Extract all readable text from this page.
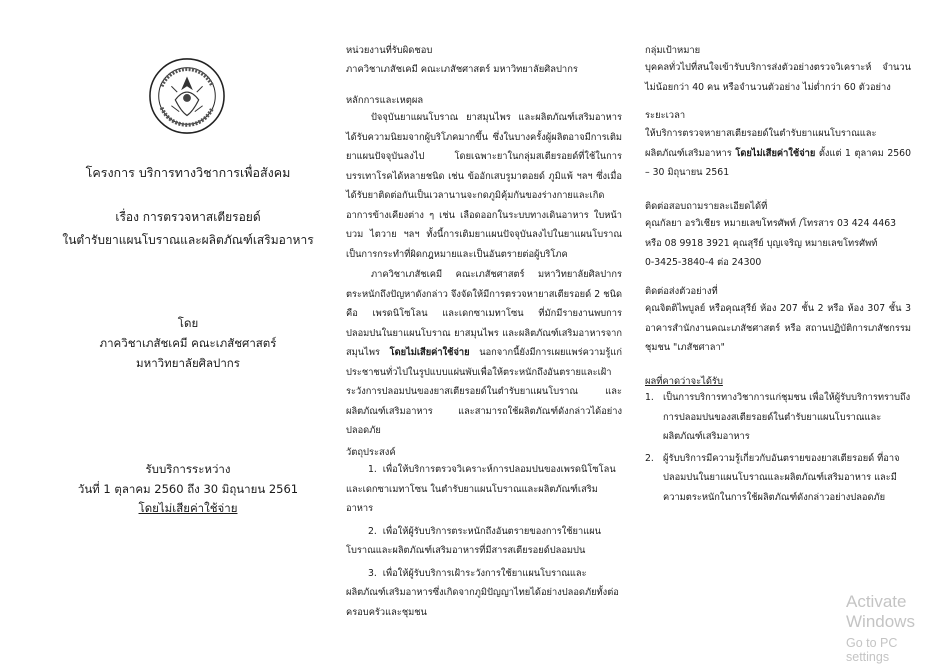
โครงการ บริการทางวิชาการเพื่อสังคม
เรื่อง การตรวจหาสเตียรอยด์
ในตำรับยาแผนโบราณและผลิตภัณฑ์เสริมอาหาร
โดย
ภาควิชาเภสัชเคมี คณะเภสัชศาสตร์
มหาวิทยาลัยศิลปากร
รับบริการระหว่าง
วันที่ 1 ตุลาคม 2560 ถึง 30 มิถุนายน 2561
โดยไม่เสียค่าใช้จ่าย
หน่วยงานที่รับผิดชอบ
ภาควิชาเภสัชเคมี คณะเภสัชศาสตร์ มหาวิทยาลัยศิลปากร
หลักการและเหตุผล

ปัจจุบันยาแผนโบราณ ยาสมุนไพร และผลิตภัณฑ์เสริมอาหารได้รับความนิยมจากผู้บริโภคมากขึ้น ซึ่งในบางครั้งผู้ผลิตอาจมีการเติมยาแผนปัจจุบันลงไป โดยเฉพาะยาในกลุ่มสเตียรอยด์ที่ใช้ในการบรรเทาโรคได้หลายชนิด เช่น ข้ออักเสบรูมาตอยด์ ภูมิแพ้ ฯลฯ ซึ่งเมื่อได้รับยาติดต่อกันเป็นเวลานานจะกดภูมิคุ้มกันของร่างกายและเกิดอาการข้างเคียงต่าง ๆ เช่น เลือดออกในระบบทางเดินอาหาร ใบหน้าบวม ไตวาย ฯลฯ ทั้งนี้การเติมยาแผนปัจจุบันลงไปในยาแผนโบราณเป็นการกระทำที่ผิดกฎหมายและเป็นอันตรายต่อผู้บริโภค

ภาควิชาเภสัชเคมี คณะเภสัชศาสตร์ มหาวิทยาลัยศิลปากรตระหนักถึงปัญหาดังกล่าว จึงจัดให้มีการตรวจหายาสเตียรอยด์ 2 ชนิด คือ เพรดนิโซโลน และเดกซาเมทาโซน ที่มักมีรายงานพบการปลอมปนในยาแผนโบราณ ยาสมุนไพร และผลิตภัณฑ์เสริมอาหารจากสมุนไพร โดยไม่เสียค่าใช้จ่าย นอกจากนี้ยังมีการเผยแพร่ความรู้แก่ประชาชนทั่วไปในรูปแบบแผ่นพับเพื่อให้ตระหนักถึงอันตรายและเฝ้าระวังการปลอมปนของยาสเตียรอยด์ในตำรับยาแผนโบราณ และผลิตภัณฑ์เสริมอาหาร และสามารถใช้ผลิตภัณฑ์ดังกล่าวได้อย่างปลอดภัย

วัตถุประสงค์
1. เพื่อให้บริการตรวจวิเคราะห์การปลอมปนของเพรดนิโซโลนและเดกซาเมทาโซน ในตำรับยาแผนโบราณและผลิตภัณฑ์เสริมอาหาร
2. เพื่อให้ผู้รับบริการตระหนักถึงอันตรายของการใช้ยาแผนโบราณและผลิตภัณฑ์เสริมอาหารที่มีสารสเตียรอยด์ปลอมปน
3. เพื่อให้ผู้รับบริการเฝ้าระวังการใช้ยาแผนโบราณและผลิตภัณฑ์เสริมอาหารซึ่งเกิดจากภูมิปัญญาไทยได้อย่างปลอดภัยทั้งต่อครอบครัวและชุมชน
กลุ่มเป้าหมาย

บุคคลทั่วไปที่สนใจเข้ารับบริการส่งตัวอย่างตรวจวิเคราะห์ จำนวนไม่น้อยกว่า 40 คน หรือจำนวนตัวอย่าง ไม่ต่ำกว่า 60 ตัวอย่าง

ระยะเวลา

ให้บริการตรวจหายาสเตียรอยด์ในตำรับยาแผนโบราณและผลิตภัณฑ์เสริมอาหาร โดยไม่เสียค่าใช้จ่าย ตั้งแต่ 1 ตุลาคม 2560 – 30 มิถุนายน 2561

ติดต่อสอบถามรายละเอียดได้ที่
คุณกัลยา อรวิเชียร หมายเลขโทรศัพท์ /โทรสาร 03 424 4463
หรือ 08 9918 3921 คุณสุรีย์ บุญเจริญ หมายเลขโทรศัพท์
0-3425-3840-4 ต่อ 24300
ติดต่อส่งตัวอย่างที่

คุณจิตติไพบูลย์ หรือคุณสุรีย์ ห้อง 207 ชั้น 2 หรือ ห้อง 307 ชั้น 3 อาคารสำนักงานคณะเภสัชศาสตร์ หรือ สถานปฏิบัติการเภสัชกรรมชุมชน "เภสัชศาลา"

ผลที่คาดว่าจะได้รับ
1. เป็นการบริการทางวิชาการแก่ชุมชน เพื่อให้ผู้รับบริการทราบถึงการปลอมปนของสเตียรอยด์ในตำรับยาแผนโบราณและผลิตภัณฑ์เสริมอาหาร
2. ผู้รับบริการมีความรู้เกี่ยวกับอันตรายของยาสเตียรอยด์ ที่อาจปลอมปนในยาแผนโบราณและผลิตภัณฑ์เสริมอาหาร และมีความตระหนักในการใช้ผลิตภัณฑ์ดังกล่าวอย่างปลอดภัย
Activate Windows
Go to PC settings
